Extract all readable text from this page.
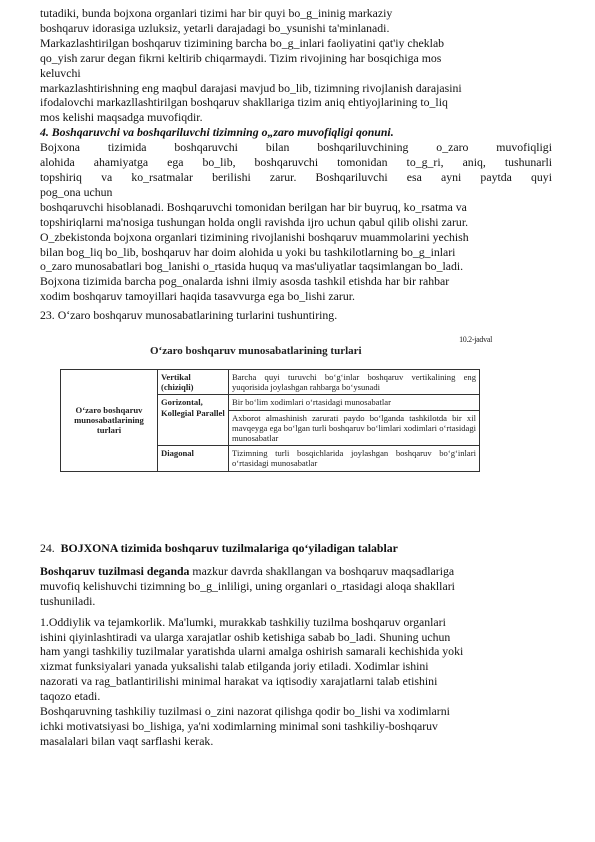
tutadiki, bunda bojxona organlari tizimi har bir quyi bo_g_ininig markaziy

boshqaruv idorasiga uzluksiz, yetarli darajadagi bo_ysunishi ta'minlanadi.

Markazlashtirilgan boshqaruv tizimining barcha bo_g_inlari faoliyatini qat'iy cheklab

qo_yish zarur degan fikrni keltirib chiqarmaydi. Tizim rivojining har bosqichiga mos

keluvchi

markazlashtirishning eng maqbul darajasi mavjud bo_lib, tizimning rivojlanish darajasini

ifodalovchi markazllashtirilgan boshqaruv shakllariga tizim aniq ehtiyojlarining to_liq

mos kelishi maqsadga muvofiqdir.

4. Boshqaruvchi va boshqariluvchi tizimning o„zaro muvofiqligi qonuni.

Bojxona tizimida boshqaruvchi bilan boshqariluvchining o_zaro muvofiqligi

alohida ahamiyatga ega bo_lib, boshqaruvchi tomonidan to_g_ri, aniq, tushunarli

topshiriq va ko_rsatmalar berilishi zarur. Boshqariluvchi esa ayni paytda quyi

pog_ona uchun

boshqaruvchi hisoblanadi. Boshqaruvchi tomonidan berilgan har bir buyruq, ko_rsatma va

topshiriqlarni ma'nosiga tushungan holda ongli ravishda ijro uchun qabul qilib olishi zarur.

O_zbekistonda bojxona organlari tizimining rivojlanishi boshqaruv muammolarini yechish

bilan bog_liq bo_lib, boshqaruv har doim alohida u yoki bu tashkilotlarning bo_g_inlari

o_zaro munosabatlari bog_lanishi o_rtasida huquq va mas'uliyatlar taqsimlangan bo_ladi.

Bojxona tizimida barcha pog_onalarda ishni ilmiy asosda tashkil etishda har bir rahbar

xodim boshqaruv tamoyillari haqida tasavvurga ega bo_lishi zarur.

23. O‘zaro boshqaruv munosabatlarining turlarini tushuntiring.

10.2-jadval
O‘zaro boshqaruv munosabatlarining turlari
O‘zaro boshqaruv munosabatlarining turlari	Vertikal (chiziqli)	Barcha quyi turuvchi bo‘g‘inlar boshqaruv vertikalining eng yuqorisida joylashgan rahbarga bo‘ysunadi
	Gorizontal, Kollegial Parallel	Bir bo‘lim xodimlari o‘rtasidagi munosabatlar
		Axborot almashinish zarurati paydo bo‘lganda tashkilotda bir xil mavqeyga ega bo‘lgan turli boshqaruv bo‘limlari xodimlari o‘rtasidagi munosabatlar
	Diagonal	Tizimning turli bosqichlarida joylashgan boshqaruv bo‘g‘inlari o‘rtasidagi munosabatlar

24. BOJXONA tizimida boshqaruv tuzilmalariga qo‘yiladigan talablar

Boshqaruv tuzilmasi deganda mazkur davrda shakllangan va boshqaruv maqsadlariga

muvofiq kelishuvchi tizimning bo_g_inliligi, uning organlari o_rtasidagi aloqa shakllari

tushuniladi.

1.Oddiylik va tejamkorlik. Ma'lumki, murakkab tashkiliy tuzilma boshqaruv organlari

ishini qiyinlashtiradi va ularga xarajatlar oshib ketishiga sabab bo_ladi. Shuning uchun

ham yangi tashkiliy tuzilmalar yaratishda ularni amalga oshirish samarali kechishida yoki

xizmat funksiyalari yanada yuksalishi talab etilganda joriy etiladi. Xodimlar ishini

nazorati va rag_batlantirilishi minimal harakat va iqtisodiy xarajatlarni talab etishini

taqozo etadi.

Boshqaruvning tashkiliy tuzilmasi o_zini nazorat qilishga qodir bo_lishi va xodimlarni

ichki motivatsiyasi bo_lishiga, ya'ni xodimlarning minimal soni tashkiliy-boshqaruv

masalalari bilan vaqt sarflashi kerak.
